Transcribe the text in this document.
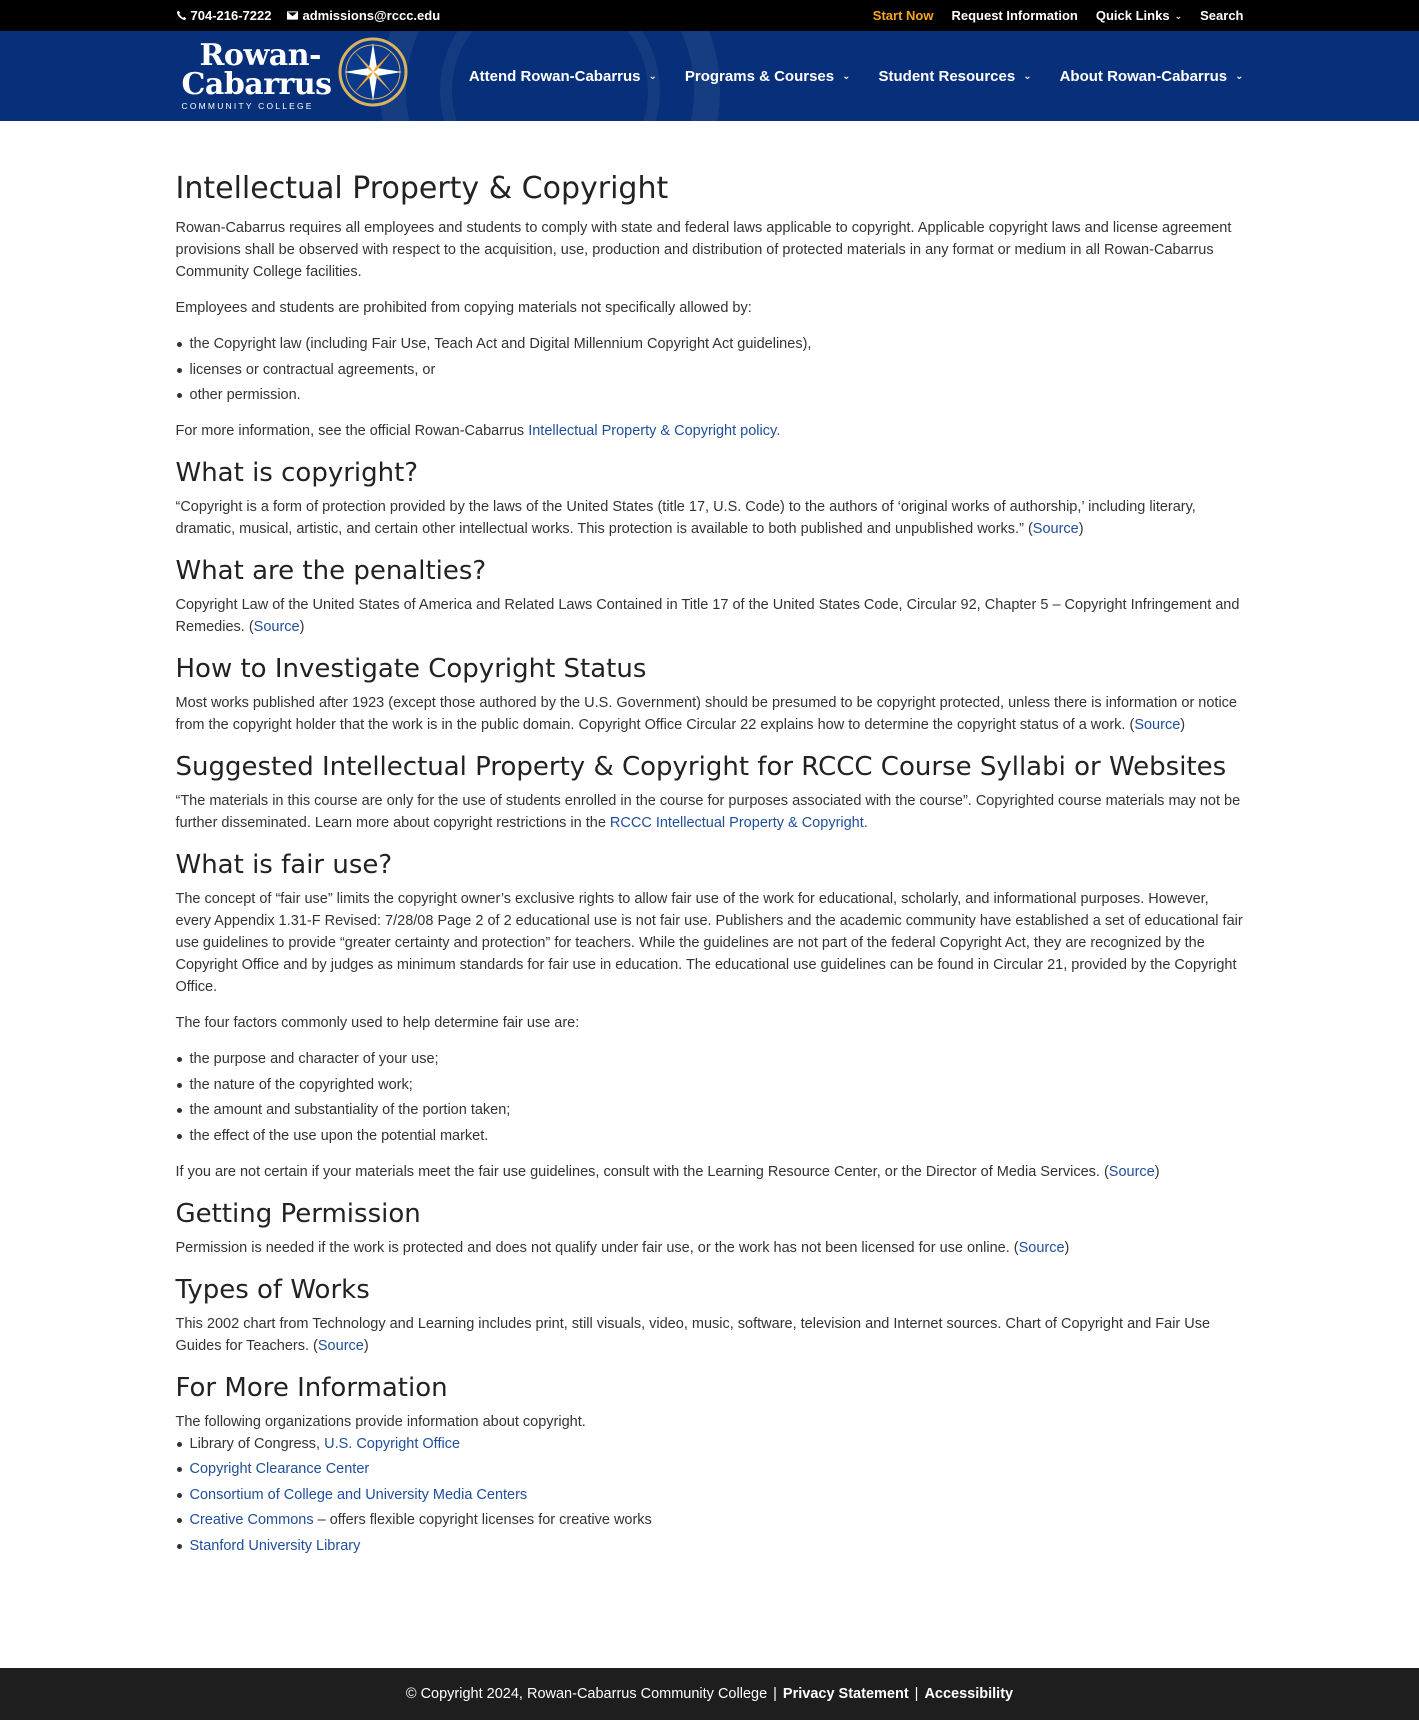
704-216-7222 admissions@rccc.edu	Start Now Request Information Quick Links ⌄ Search
Rowan-
Cabarrus
COMMUNITY COLLEGE
Attend Rowan-Cabarrus ⌄ Programs & Courses ⌄ Student Resources ⌄ About Rowan-Cabarrus ⌄
Intellectual Property & Copyright

Rowan-Cabarrus requires all employees and students to comply with state and federal laws applicable to copyright. Applicable copyright laws and license agreement provisions shall be observed with respect to the acquisition, use, production and distribution of protected materials in any format or medium in all Rowan-Cabarrus Community College facilities.

Employees and students are prohibited from copying materials not specifically allowed by:

the Copyright law (including Fair Use, Teach Act and Digital Millennium Copyright Act guidelines),
licenses or contractual agreements, or
other permission.

For more information, see the official Rowan-Cabarrus Intellectual Property & Copyright policy.

What is copyright?

“Copyright is a form of protection provided by the laws of the United States (title 17, U.S. Code) to the authors of ‘original works of authorship,’ including literary, dramatic, musical, artistic, and certain other intellectual works. This protection is available to both published and unpublished works.” (Source)

What are the penalties?

Copyright Law of the United States of America and Related Laws Contained in Title 17 of the United States Code, Circular 92, Chapter 5 – Copyright Infringement and Remedies. (Source)

How to Investigate Copyright Status

Most works published after 1923 (except those authored by the U.S. Government) should be presumed to be copyright protected, unless there is information or notice from the copyright holder that the work is in the public domain. Copyright Office Circular 22 explains how to determine the copyright status of a work. (Source)

Suggested Intellectual Property & Copyright for RCCC Course Syllabi or Websites

“The materials in this course are only for the use of students enrolled in the course for purposes associated with the course”. Copyrighted course materials may not be further disseminated. Learn more about copyright restrictions in the RCCC Intellectual Property & Copyright.

What is fair use?

The concept of “fair use” limits the copyright owner’s exclusive rights to allow fair use of the work for educational, scholarly, and informational purposes. However, every Appendix 1.31-F Revised: 7/28/08 Page 2 of 2 educational use is not fair use. Publishers and the academic community have established a set of educational fair use guidelines to provide “greater certainty and protection” for teachers. While the guidelines are not part of the federal Copyright Act, they are recognized by the Copyright Office and by judges as minimum standards for fair use in education. The educational use guidelines can be found in Circular 21, provided by the Copyright Office.

The four factors commonly used to help determine fair use are:

the purpose and character of your use;
the nature of the copyrighted work;
the amount and substantiality of the portion taken;
the effect of the use upon the potential market.

If you are not certain if your materials meet the fair use guidelines, consult with the Learning Resource Center, or the Director of Media Services. (Source)

Getting Permission

Permission is needed if the work is protected and does not qualify under fair use, or the work has not been licensed for use online. (Source)

Types of Works

This 2002 chart from Technology and Learning includes print, still visuals, video, music, software, television and Internet sources. Chart of Copyright and Fair Use Guides for Teachers. (Source)

For More Information

The following organizations provide information about copyright.

Library of Congress, U.S. Copyright Office
Copyright Clearance Center
Consortium of College and University Media Centers
Creative Commons – offers flexible copyright licenses for creative works
Stanford University Library
© Copyright 2024, Rowan-Cabarrus Community College | Privacy Statement | Accessibility
